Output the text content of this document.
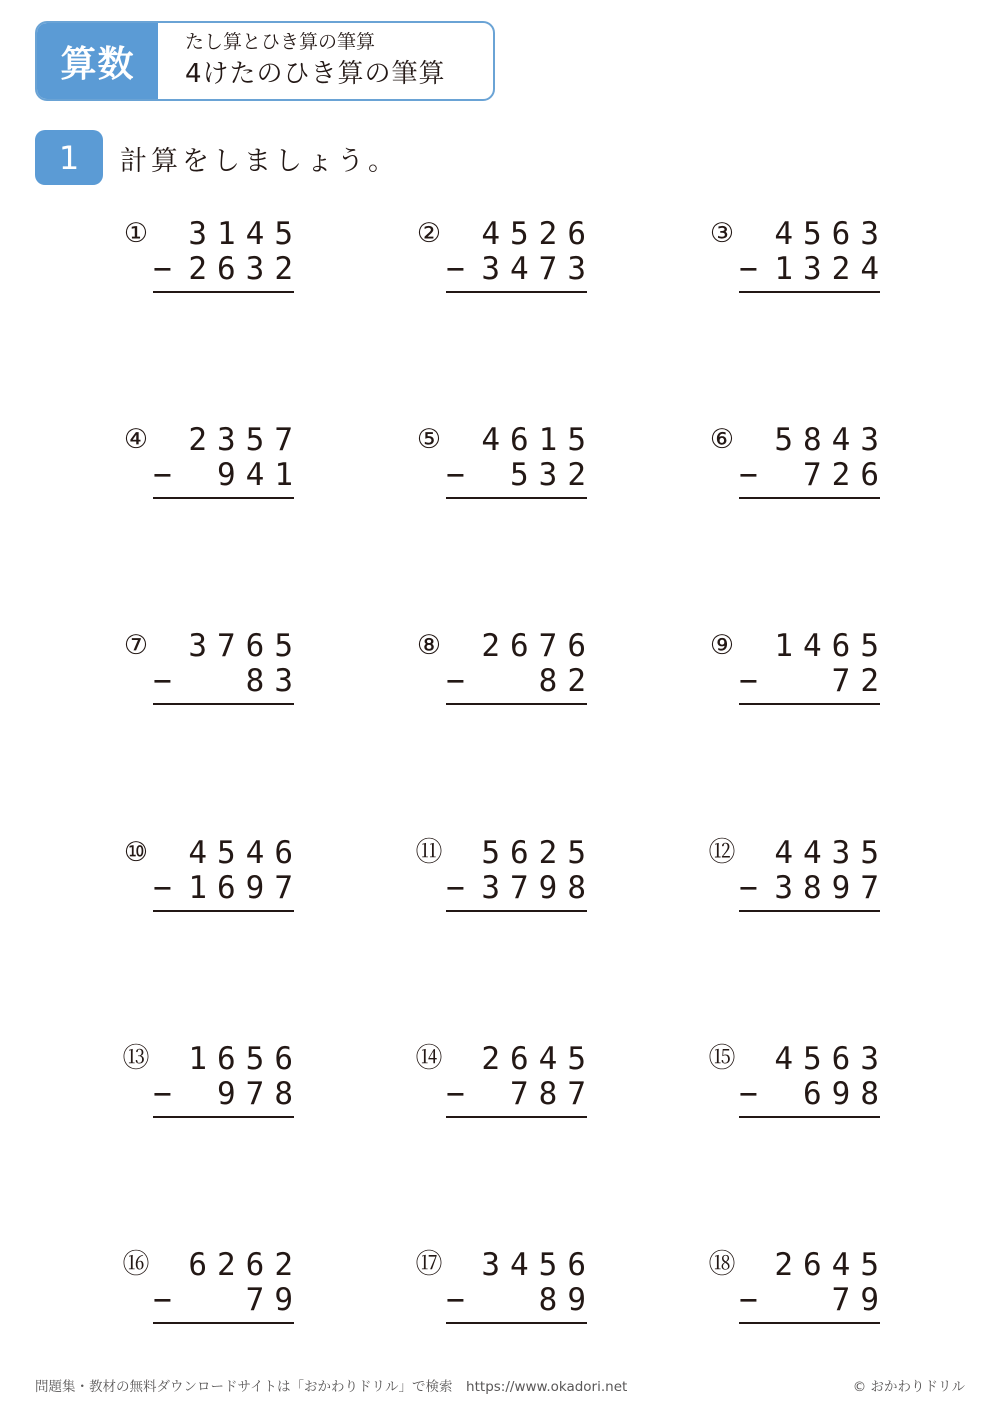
算数
たし算とひき算の筆算
4けたのひき算の筆算
1	計算をしましょう。
① 3145
− 2632
② 4526
− 3473
③ 4563
− 1324
④ 2357
− 941
⑤ 4615
− 532
⑥ 5843
− 726
⑦ 3765
− 83
⑧ 2676
− 82
⑨ 1465
− 72
⑩ 4546
− 1697
⑪ 5625
− 3798
⑫ 4435
− 3897
⑬ 1656
− 978
⑭ 2645
− 787
⑮ 4563
− 698
⑯ 6262
− 79
⑰ 3456
− 89
⑱ 2645
− 79
問題集・教材の無料ダウンロードサイトは「おかわりドリル」で検索　https://www.okadori.net	© おかわりドリル
